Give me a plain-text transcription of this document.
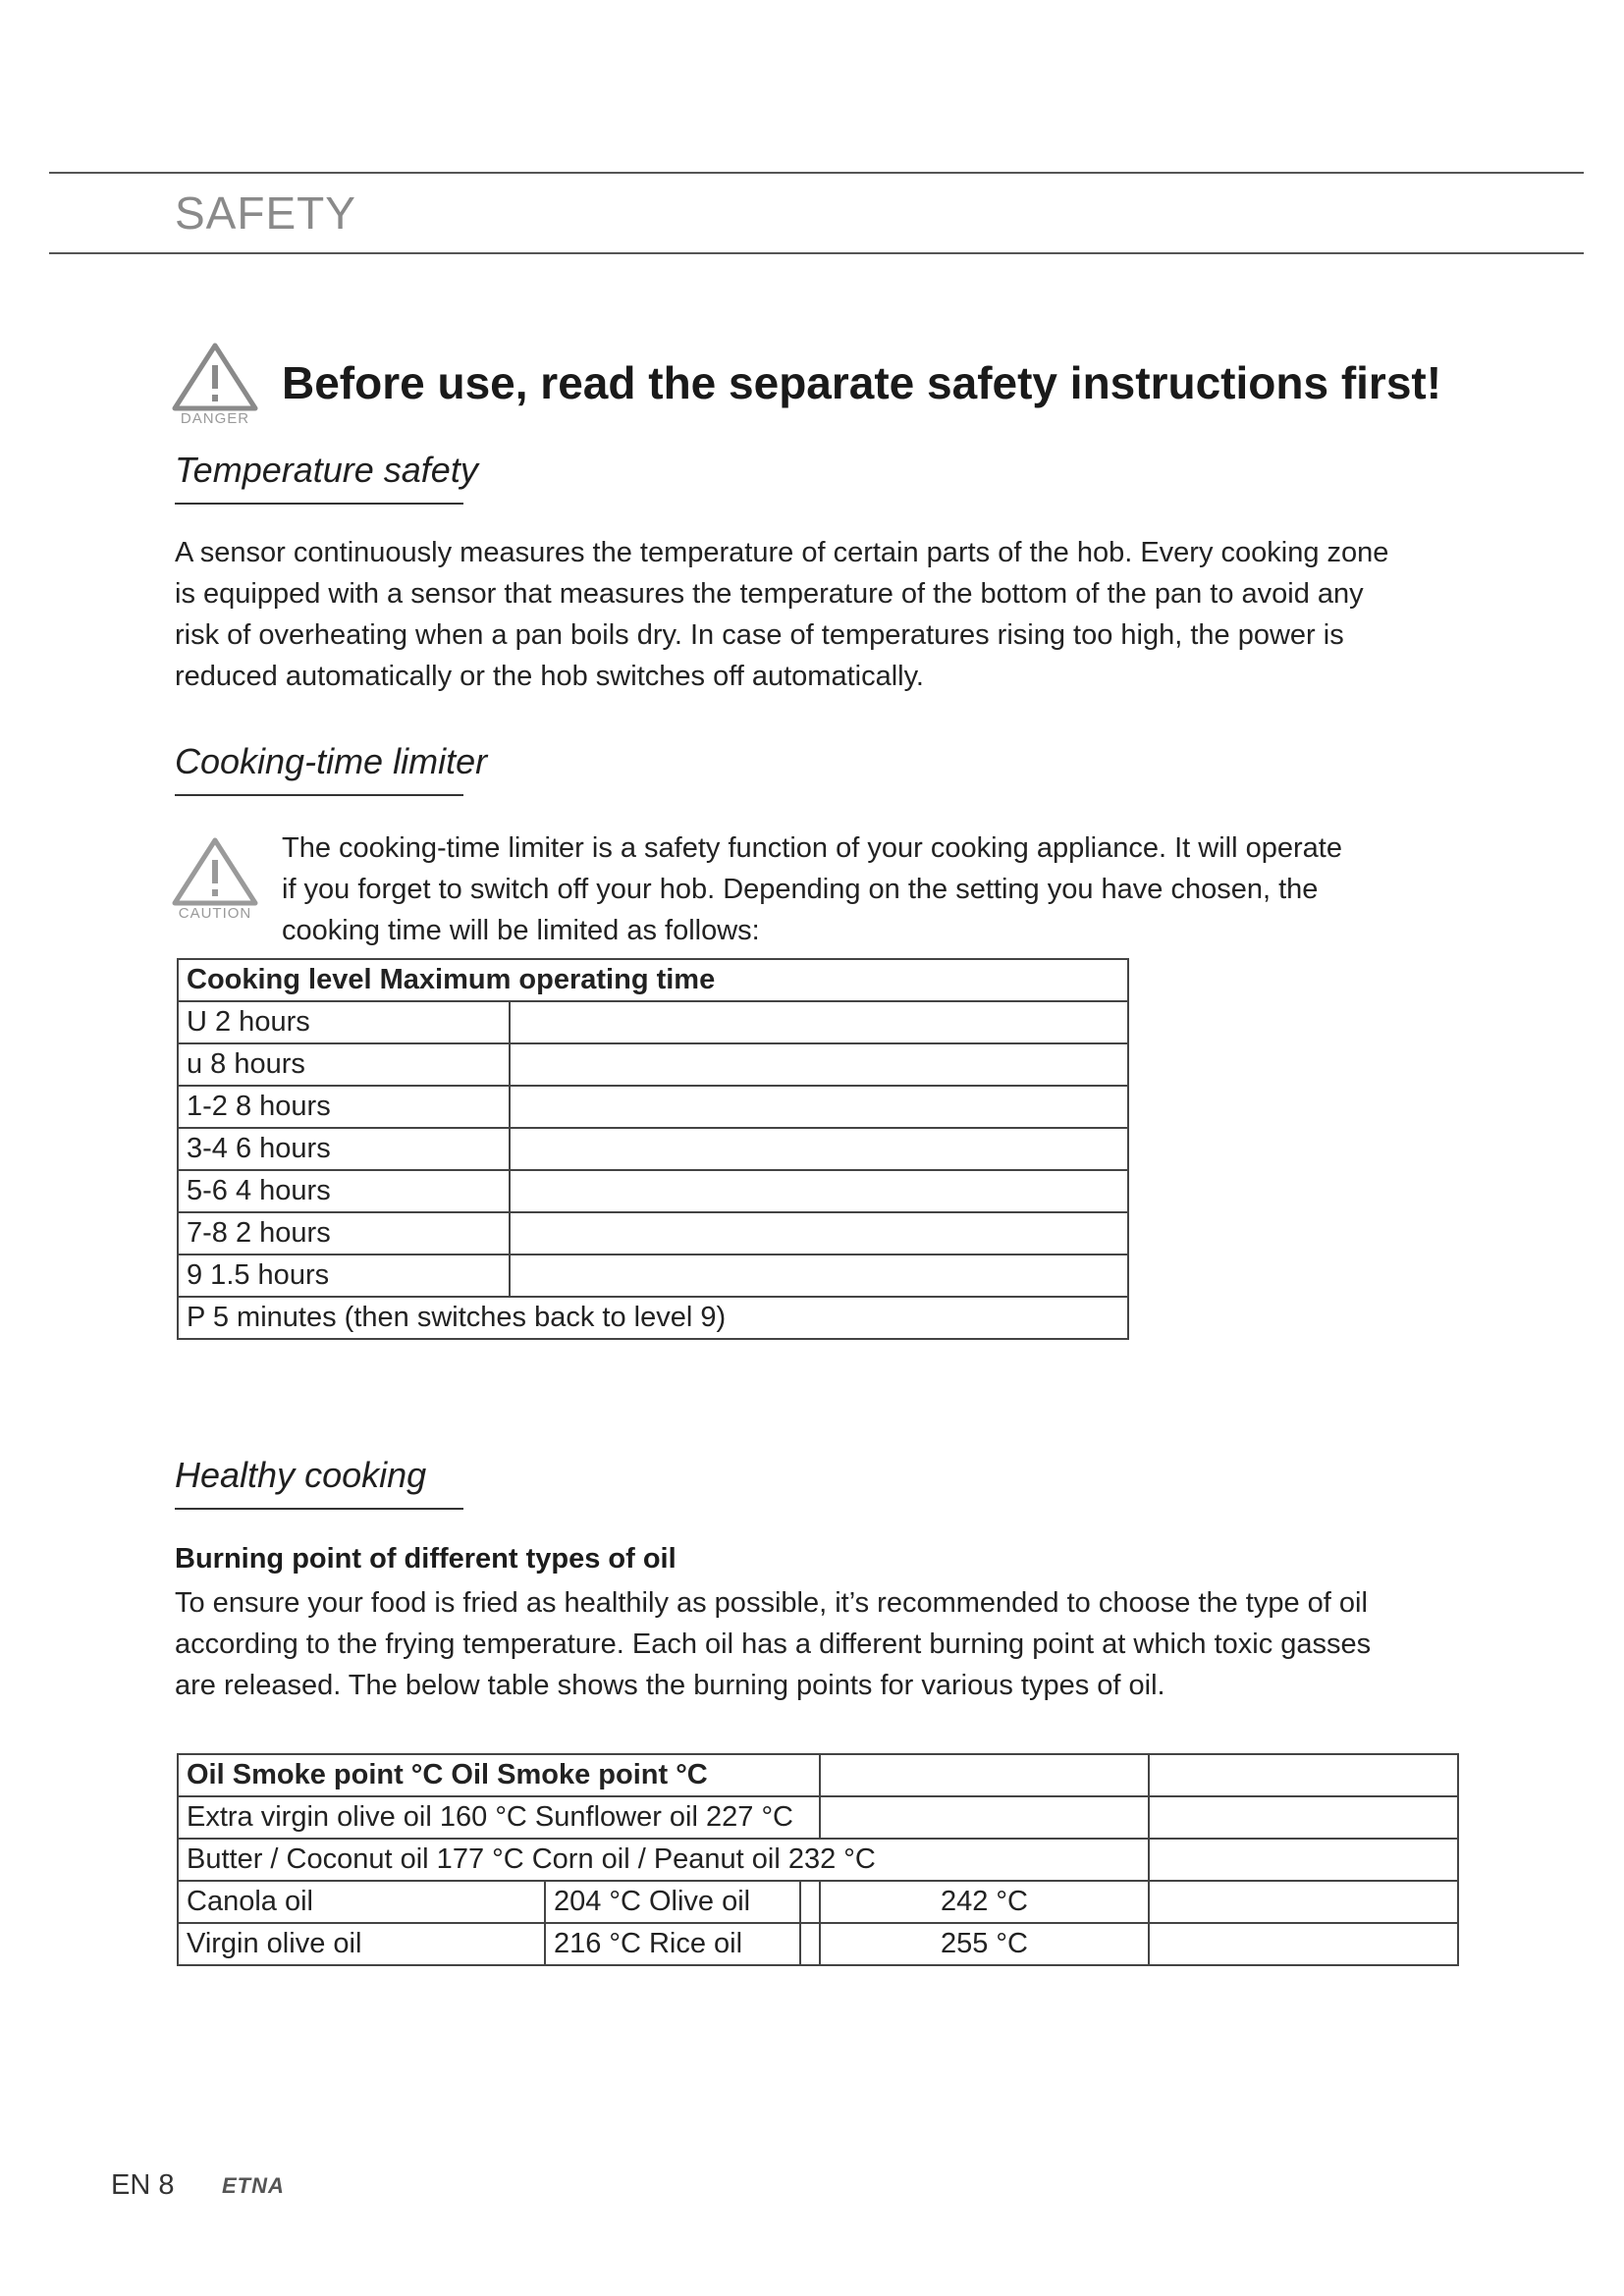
SAFETY
DANGER
Before use, read the separate safety instructions first!
Temperature safety

A sensor continuously measures the temperature of certain parts of the hob. Every cooking zone

is equipped with a sensor that measures the temperature of the bottom of the pan to avoid any

risk of overheating when a pan boils dry. In case of temperatures rising too high, the power is

reduced automatically or the hob switches off automatically.

Cooking-time limiter
CAUTION

The cooking-time limiter is a safety function of your cooking appliance. It will operate

if you forget to switch off your hob. Depending on the setting you have chosen, the

cooking time will be limited as follows:

Cooking level Maximum operating time	
U 2 hours	
u 8 hours	
1-2 8 hours	
3-4 6 hours	
5-6 4 hours	
7-8 2 hours	
9 1.5 hours	
P 5 minutes (then switches back to level 9)	
Healthy cooking
Burning point of different types of oil

To ensure your food is fried as healthily as possible, it’s recommended to choose the type of oil

according to the frying temperature. Each oil has a different burning point at which toxic gasses

are released. The below table shows the burning points for various types of oil.

Oil Smoke point °C Oil Smoke point °C				
Extra virgin olive oil 160 °C Sunflower oil 227 °C				
Butter / Coconut oil 177 °C Corn oil / Peanut oil 232 °C				
Canola oil	204 °C Olive oil		242 °C	
Virgin olive oil	216 °C Rice oil		255 °C	
EN 8 ETNA
